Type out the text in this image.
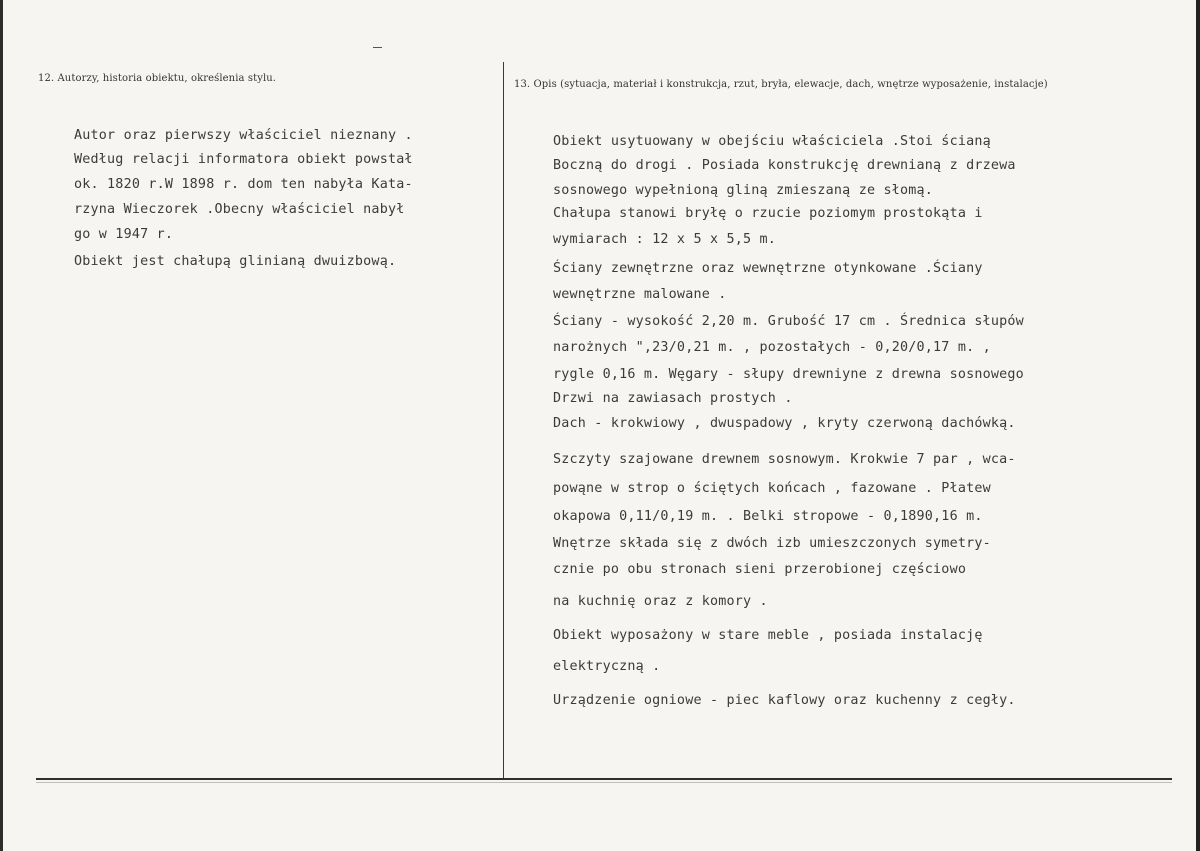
12. Autorzy, historia obiektu, określenia stylu.
13. Opis (sytuacja, materiał i konstrukcja, rzut, bryła, elewacje, dach, wnętrze wyposażenie, instalacje)
Autor oraz pierwszy właściciel nieznany .
Według relacji informatora obiekt powstał
ok. 1820 r.W 1898 r. dom ten nabyła Kata-
rzyna Wieczorek .Obecny właściciel nabył
go w 1947 r.
Obiekt jest chałupą glinianą dwuizbową.
Obiekt usytuowany w obejściu właściciela .Stoi ścianą
Boczną do drogi . Posiada konstrukcję drewnianą z drzewa
sosnowego wypełnioną gliną zmieszaną ze słomą.
Chałupa stanowi bryłę o rzucie poziomym prostokąta i
wymiarach : 12 x 5 x 5,5 m.
Ściany zewnętrzne oraz wewnętrzne otynkowane .Ściany
wewnętrzne malowane .
Ściany - wysokość 2,20 m. Grubość 17 cm . Średnica słupów
narożnych ",23/0,21 m. , pozostałych - 0,20/0,17 m. ,
rygle 0,16 m. Węgary - słupy drewniyne z drewna sosnowego
Drzwi na zawiasach prostych .
Dach - krokwiowy , dwuspadowy , kryty czerwoną dachówką.
Szczyty szajowane drewnem sosnowym. Krokwie 7 par , wca-
powąne w strop o ściętych końcach , fazowane . Płatew
okapowa 0,11/0,19 m. . Belki stropowe - 0,1890,16 m.
Wnętrze składa się z dwóch izb umieszczonych symetry-
cznie po obu stronach sieni przerobionej częściowo
na kuchnię oraz z komory .
Obiekt wyposażony w stare meble , posiada instalację
elektryczną .
Urządzenie ogniowe - piec kaflowy oraz kuchenny z cegły.
